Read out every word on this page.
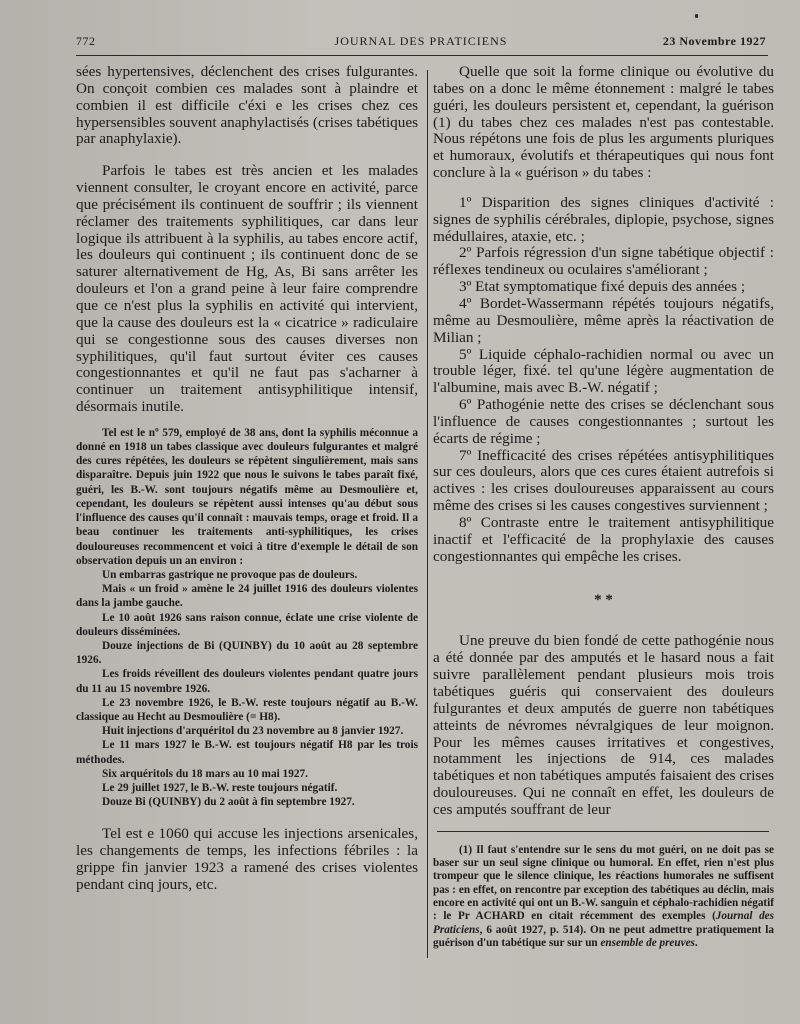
772	JOURNAL DES PRATICIENS	23 Novembre 1927

sées hypertensives, déclenchent des crises fulgurantes. On conçoit combien ces malades sont à plaindre et combien il est difficile c'éxi e les crises chez ces hypersensibles souvent anaphylactisés (crises tabétiques par anaphylaxie).

Parfois le tabes est très ancien et les malades viennent consulter, le croyant encore en activité, parce que précisément ils continuent de souffrir ; ils viennent réclamer des traitements syphilitiques, car dans leur logique ils attribuent à la syphilis, au tabes encore actif, les douleurs qui continuent ; ils continuent donc de se saturer alternativement de Hg, As, Bi sans arrêter les douleurs et l'on a grand peine à leur faire comprendre que ce n'est plus la syphilis en activité qui intervient, que la cause des douleurs est la « cicatrice » radiculaire qui se congestionne sous des causes diverses non syphilitiques, qu'il faut surtout éviter ces causes congestionnantes et qu'il ne faut pas s'acharner à continuer un traitement antisyphilitique intensif, désormais inutile.

Tel est le nº 579, employé de 38 ans, dont la syphilis méconnue a donné en 1918 un tabes classique avec douleurs fulgurantes et malgré des cures répétées, les douleurs se répètent singulièrement, mais sans disparaître. Depuis juin 1922 que nous le suivons le tabes paraît fixé, guéri, les B.-W. sont toujours négatifs même au Desmoulière et, cependant, les douleurs se répètent aussi intenses qu'au début sous l'influence des causes qu'il connaît : mauvais temps, orage et froid. Il a beau continuer les traitements anti-syphilitiques, les crises douloureuses recommencent et voici à titre d'exemple le détail de son observation depuis un an environ :

Un embarras gastrique ne provoque pas de douleurs.

Mais « un froid » amène le 24 juillet 1916 des douleurs violentes dans la jambe gauche.

Le 10 août 1926 sans raison connue, éclate une crise violente de douleurs disséminées.

Douze injections de Bi (QUINBY) du 10 août au 28 septembre 1926.

Les froids réveillent des douleurs violentes pendant quatre jours du 11 au 15 novembre 1926.

Le 23 novembre 1926, le B.-W. reste toujours négatif au B.-W. classique au Hecht au Desmoulière (= H8).

Huit injections d'arquéritol du 23 novembre au 8 janvier 1927.

Le 11 mars 1927 le B.-W. est toujours négatif H8 par les trois méthodes.

Six arquéritols du 18 mars au 10 mai 1927.

Le 29 juillet 1927, le B.-W. reste toujours négatif.

Douze Bi (QUINBY) du 2 août à fin septembre 1927.

Tel est e 1060 qui accuse les injections arsenicales, les changements de temps, les infections fébriles : la grippe fin janvier 1923 a ramené des crises violentes pendant cinq jours, etc.

Quelle que soit la forme clinique ou évolutive du tabes on a donc le même étonnement : malgré le tabes guéri, les douleurs persistent et, cependant, la guérison (1) du tabes chez ces malades n'est pas contestable. Nous répétons une fois de plus les arguments pluriques et humoraux, évolutifs et thérapeutiques qui nous font conclure à la « guérison » du tabes :

1º Disparition des signes cliniques d'activité : signes de syphilis cérébrales, diplopie, psychose, signes médullaires, ataxie, etc. ;

2º Parfois régression d'un signe tabétique objectif : réflexes tendineux ou oculaires s'améliorant ;

3º Etat symptomatique fixé depuis des années ;

4º Bordet-Wassermann répétés toujours négatifs, même au Desmoulière, même après la réactivation de Milian ;

5º Liquide céphalo-rachidien normal ou avec un trouble léger, fixé. tel qu'une légère augmentation de l'albumine, mais avec B.-W. négatif ;

6º Pathogénie nette des crises se déclenchant sous l'influence de causes congestionnantes ; surtout les écarts de régime ;

7º Inefficacité des crises répétées antisyphilitiques sur ces douleurs, alors que ces cures étaient autrefois si actives : les crises douloureuses apparaissent au cours même des crises si les causes congestives surviennent ;

8º Contraste entre le traitement antisyphilitique inactif et l'efficacité de la prophylaxie des causes congestionnantes qui empêche les crises.

* *

Une preuve du bien fondé de cette pathogénie nous a été donnée par des amputés et le hasard nous a fait suivre parallèlement pendant plusieurs mois trois tabétiques guéris qui conservaient des douleurs fulgurantes et deux amputés de guerre non tabétiques atteints de névromes névralgiques de leur moignon. Pour les mêmes causes irritatives et congestives, notamment les injections de 914, ces malades tabétiques et non tabétiques amputés faisaient des crises douloureuses. Qui ne connaît en effet, les douleurs de ces amputés souffrant de leur

(1) Il faut s'entendre sur le sens du mot guéri, on ne doit pas se baser sur un seul signe clinique ou humoral. En effet, rien n'est plus trompeur que le silence clinique, les réactions humorales ne suffisent pas : en effet, on rencontre par exception des tabétiques au déclin, mais encore en activité qui ont un B.-W. sanguin et céphalo-rachidien négatif : le Pr ACHARD en citait récemment des exemples (Journal des Praticiens, 6 août 1927, p. 514). On ne peut admettre pratiquement la guérison d'un tabétique sur sur un ensemble de preuves.
